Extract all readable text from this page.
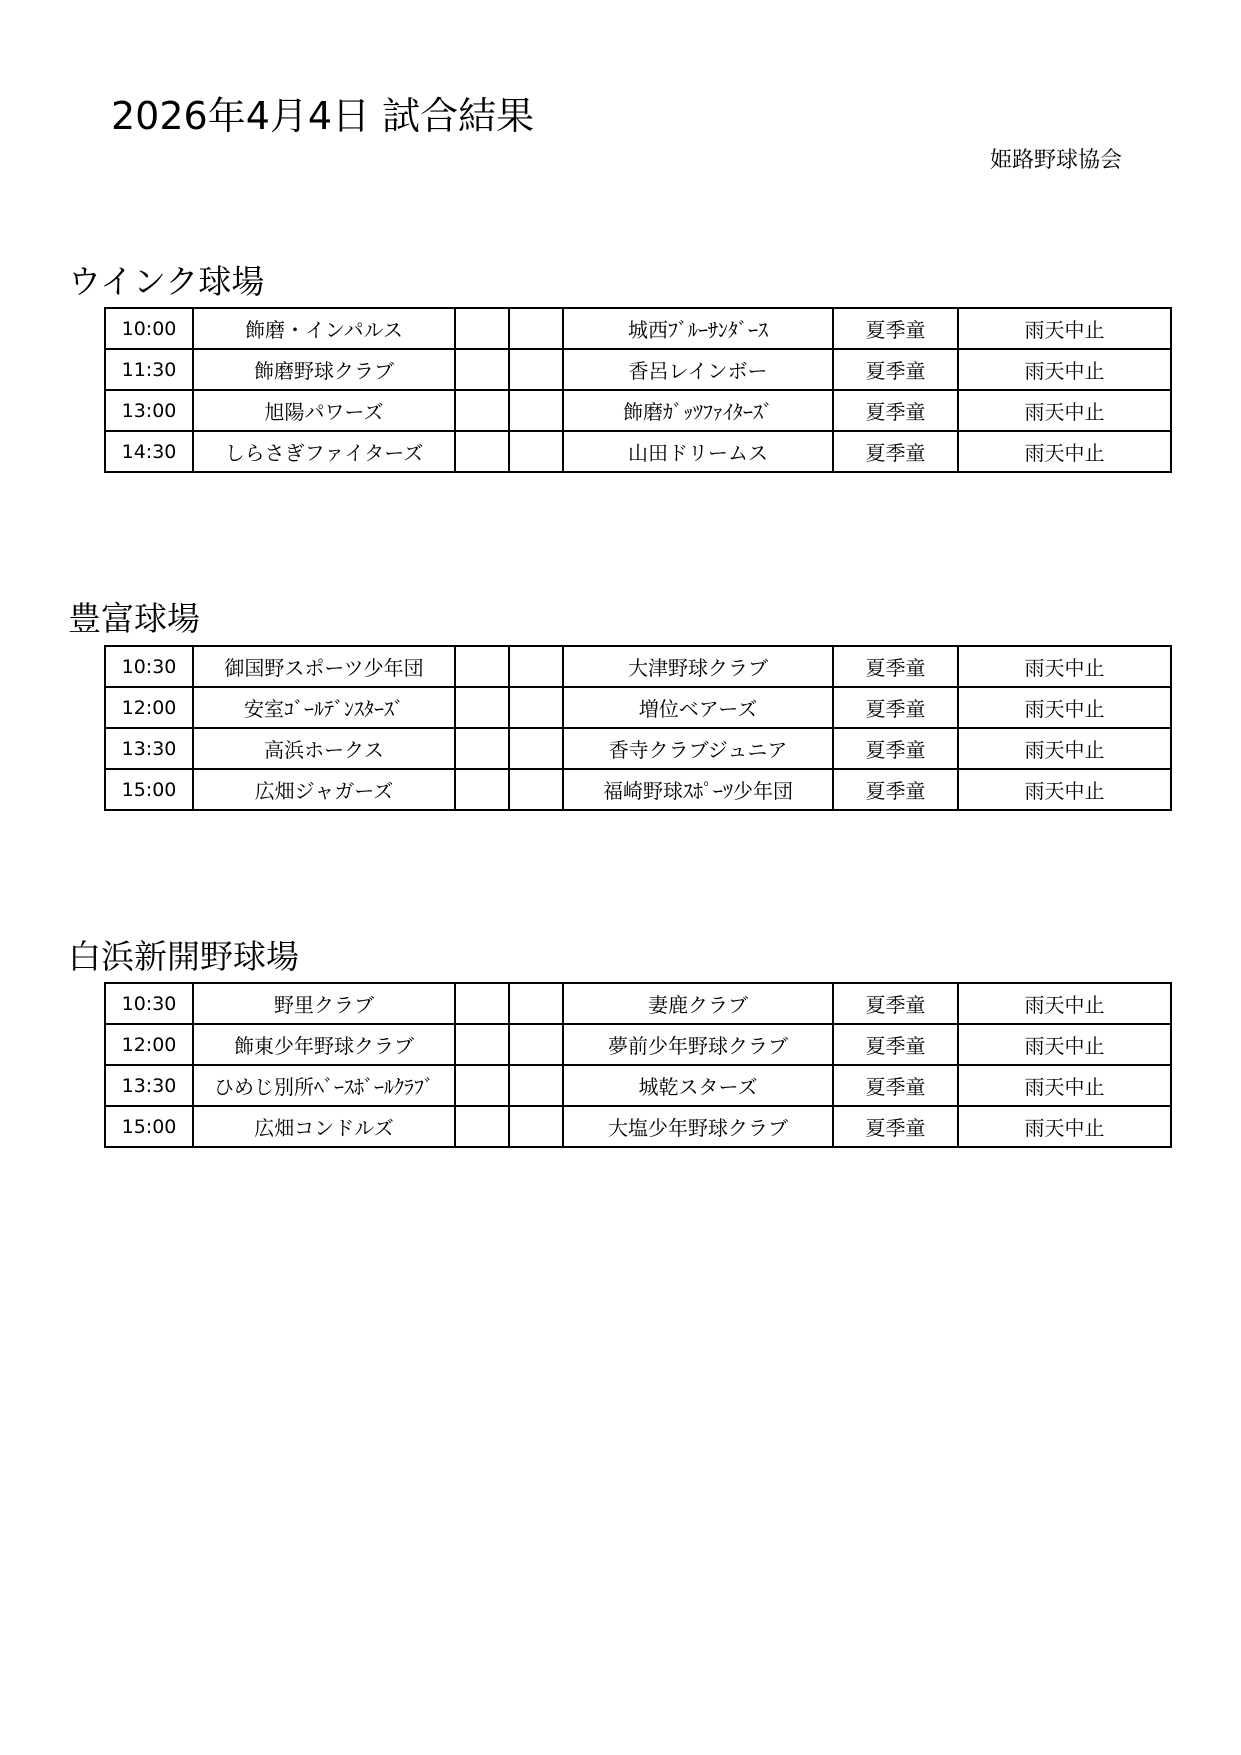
2026年4月4日 試合結果
姫路野球協会
ウインク球場
10:00	飾磨・インパルス			城西ﾌﾞﾙｰｻﾝﾀﾞｰｽ	夏季童	雨天中止
11:30	飾磨野球クラブ			香呂レインボー	夏季童	雨天中止
13:00	旭陽パワーズ			飾磨ｶﾞｯﾂﾌｧｲﾀｰｽﾞ	夏季童	雨天中止
14:30	しらさぎファイターズ			山田ドリームス	夏季童	雨天中止
豊富球場
10:30	御国野スポーツ少年団			大津野球クラブ	夏季童	雨天中止
12:00	安室ｺﾞｰﾙﾃﾞﾝｽﾀｰｽﾞ			増位ベアーズ	夏季童	雨天中止
13:30	高浜ホークス			香寺クラブジュニア	夏季童	雨天中止
15:00	広畑ジャガーズ			福崎野球ｽﾎﾟｰﾂ少年団	夏季童	雨天中止
白浜新開野球場
10:30	野里クラブ			妻鹿クラブ	夏季童	雨天中止
12:00	飾東少年野球クラブ			夢前少年野球クラブ	夏季童	雨天中止
13:30	ひめじ別所ﾍﾞｰｽﾎﾞｰﾙｸﾗﾌﾞ			城乾スターズ	夏季童	雨天中止
15:00	広畑コンドルズ			大塩少年野球クラブ	夏季童	雨天中止
